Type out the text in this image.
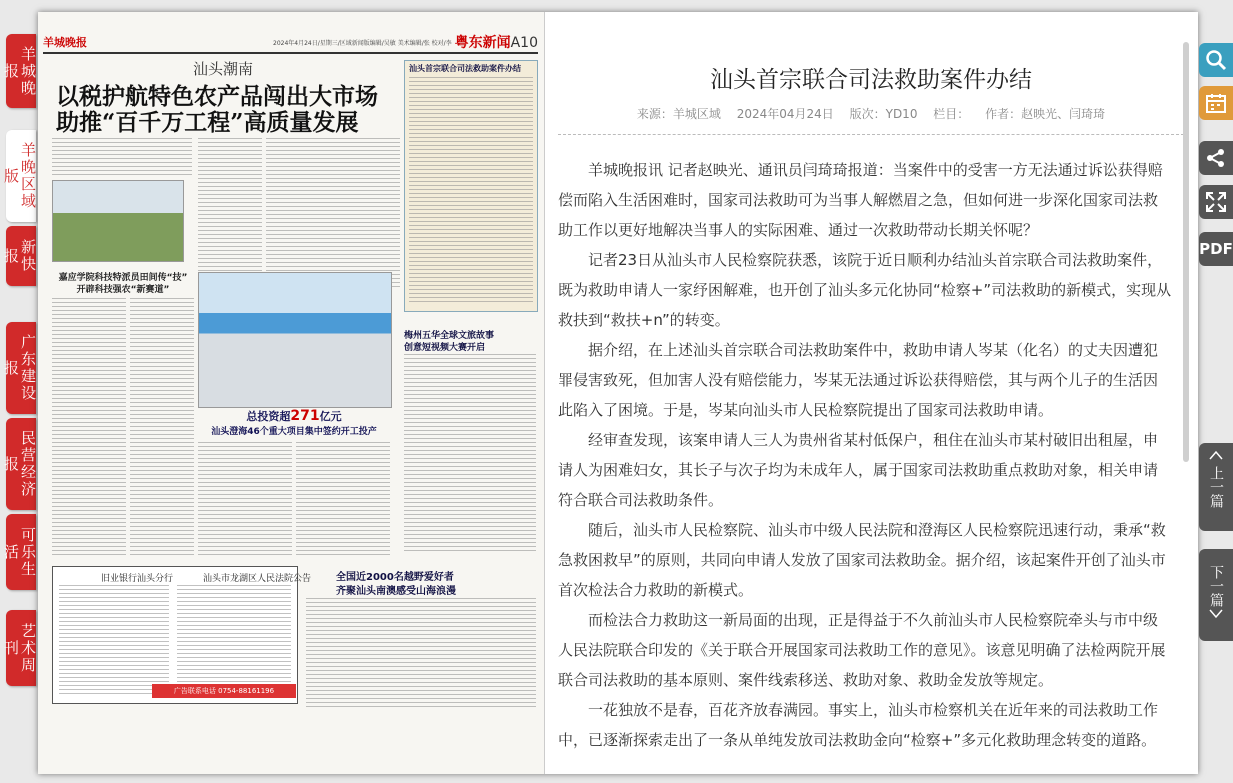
羊城晚报
羊晚区域版
新快报
广东建设报
民营经济报
可乐生活
艺术周刊
羊城晚报	2024年4月24日/星期三/区域新闻版编辑/吴敏 美术编辑/张 校对/李 粤东新闻A10
汕头潮南
以税护航特色农产品闯出大市场
助推“百千万工程”高质量发展
嘉应学院科技特派员田间传“技”
开辟科技强农“新赛道”
总投资超271亿元
汕头澄海46个重大项目集中签约开工投产
汕头首宗联合司法救助案件办结
梅州五华全球文旅故事
创意短视频大赛开启
旧业银行汕头分行	汕头市龙湖区人民法院公告
广告联系电话 0754-88161196
全国近2000名越野爱好者
齐聚汕头南澳感受山海浪漫
汕头首宗联合司法救助案件办结
来源：羊城区域 2024年04月24日 版次：YD10 栏目： 作者：赵映光、闫琦琦

羊城晚报讯 记者赵映光、通讯员闫琦琦报道：当案件中的受害一方无法通过诉讼获得赔偿而陷入生活困难时，国家司法救助可为当事人解燃眉之急，但如何进一步深化国家司法救助工作以更好地解决当事人的实际困难、通过一次救助带动长期关怀呢？

记者23日从汕头市人民检察院获悉，该院于近日顺利办结汕头首宗联合司法救助案件，既为救助申请人一家纾困解难，也开创了汕头多元化协同“检察+”司法救助的新模式，实现从救扶到“救扶+n”的转变。

据介绍，在上述汕头首宗联合司法救助案件中，救助申请人岑某（化名）的丈夫因遭犯罪侵害致死，但加害人没有赔偿能力，岑某无法通过诉讼获得赔偿，其与两个儿子的生活因此陷入了困境。于是，岑某向汕头市人民检察院提出了国家司法救助申请。

经审查发现，该案申请人三人为贵州省某村低保户，租住在汕头市某村破旧出租屋，申请人为困难妇女，其长子与次子均为未成年人，属于国家司法救助重点救助对象，相关申请符合联合司法救助条件。

随后，汕头市人民检察院、汕头市中级人民法院和澄海区人民检察院迅速行动，秉承“救急救困救早”的原则，共同向申请人发放了国家司法救助金。据介绍，该起案件开创了汕头市首次检法合力救助的新模式。

而检法合力救助这一新局面的出现，正是得益于不久前汕头市人民检察院牵头与市中级人民法院联合印发的《关于联合开展国家司法救助工作的意见》。该意见明确了法检两院开展联合司法救助的基本原则、案件线索移送、救助对象、救助金发放等规定。

一花独放不是春，百花齐放春满园。事实上，汕头市检察机关在近年来的司法救助工作中，已逐渐探索走出了一条从单纯发放司法救助金向“检察+”多元化救助理念转变的道路。

PDF
上一篇
下一篇
